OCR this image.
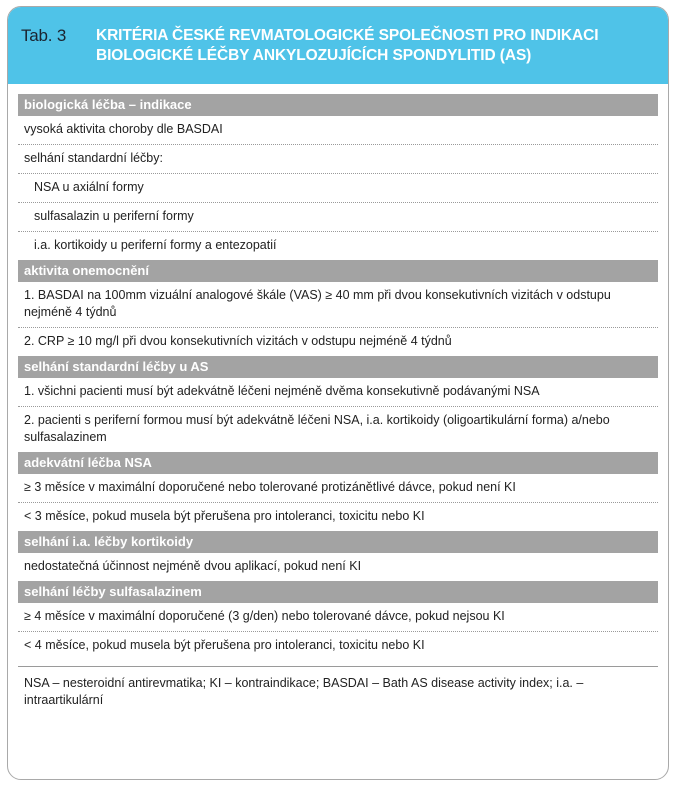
Tab. 3 KRITÉRIA ČESKÉ REVMATOLOGICKÉ SPOLEČNOSTI PRO INDIKACI
BIOLOGICKÉ LÉČBY ANKYLOZUJÍCÍCH SPONDYLITID (AS)
biologická léčba – indikace
vysoká aktivita choroby dle BASDAI
selhání standardní léčby:
NSA u axiální formy
sulfasalazin u periferní formy
i.a. kortikoidy u periferní formy a entezopatií
aktivita onemocnění
1. BASDAI na 100mm vizuální analogové škále (VAS) ≥ 40 mm při dvou konsekutivních vizitách v odstupu nejméně 4 týdnů
2. CRP ≥ 10 mg/l při dvou konsekutivních vizitách v odstupu nejméně 4 týdnů
selhání standardní léčby u AS
1. všichni pacienti musí být adekvátně léčeni nejméně dvěma konsekutivně podávanými NSA
2. pacienti s periferní formou musí být adekvátně léčeni NSA, i.a. kortikoidy (oligoartikulární forma) a/nebo sulfasalazinem
adekvátní léčba NSA
≥ 3 měsíce v maximální doporučené nebo tolerované protizánětlivé dávce, pokud není KI
< 3 měsíce, pokud musela být přerušena pro intoleranci, toxicitu nebo KI
selhání i.a. léčby kortikoidy
nedostatečná účinnost nejméně dvou aplikací, pokud není KI
selhání léčby sulfasalazinem
≥ 4 měsíce v maximální doporučené (3 g/den) nebo tolerované dávce, pokud nejsou KI
< 4 měsíce, pokud musela být přerušena pro intoleranci, toxicitu nebo KI
NSA – nesteroidní antirevmatika; KI – kontraindikace; BASDAI – Bath AS disease activity index; i.a. – intraartikulární
